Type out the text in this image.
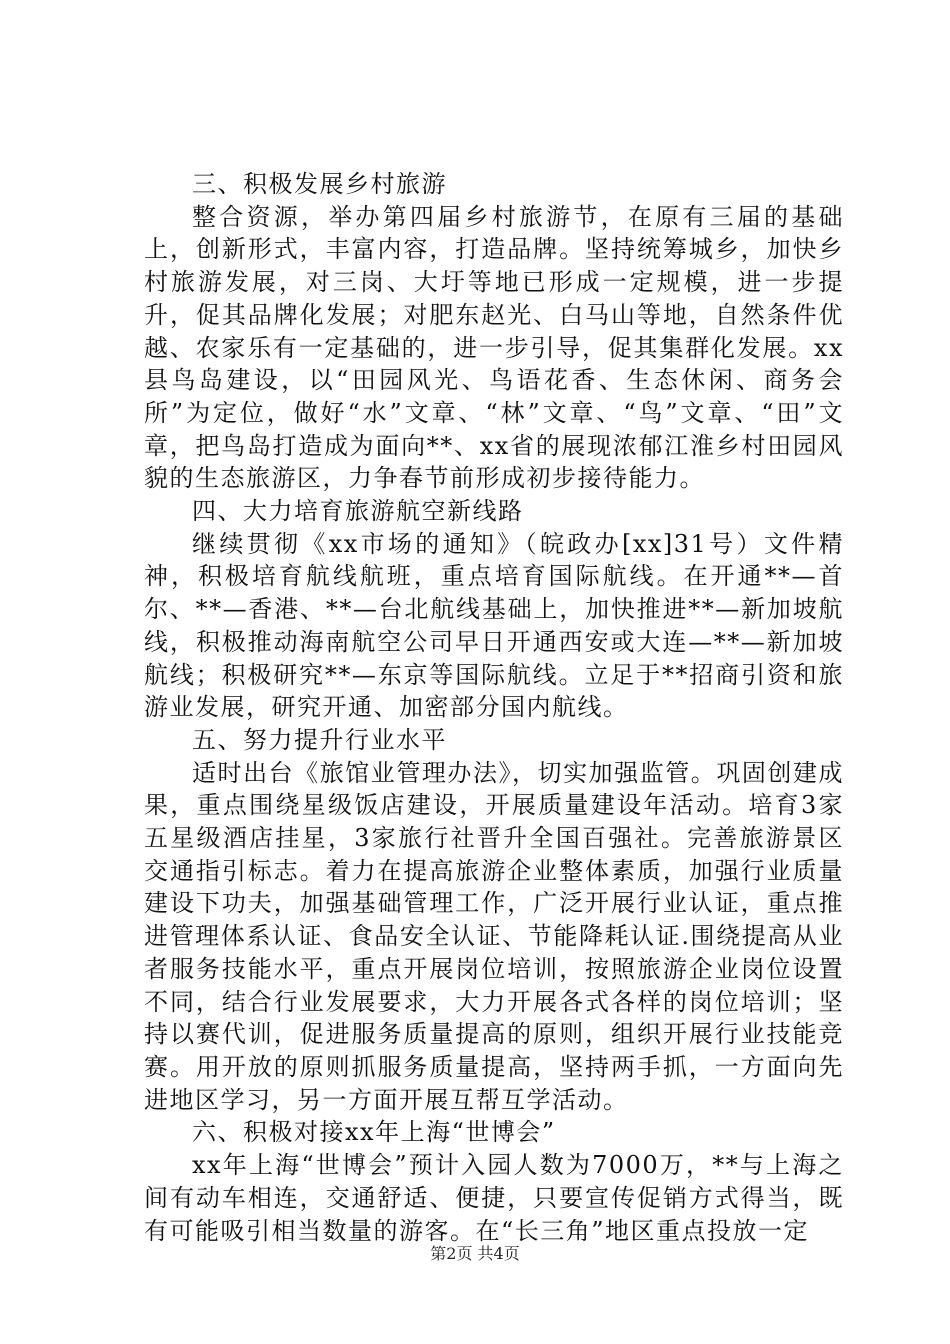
三、积极发展乡村旅游

整合资源，举办第四届乡村旅游节，在原有三届的基础上，创新形式，丰富内容，打造品牌。坚持统筹城乡，加快乡村旅游发展，对三岗、大圩等地已形成一定规模，进一步提升，促其品牌化发展；对肥东赵光、白马山等地，自然条件优越、农家乐有一定基础的，进一步引导，促其集群化发展。xx县鸟岛建设，以“田园风光、鸟语花香、生态休闲、商务会所”为定位，做好“水”文章、“林”文章、“鸟”文章、“田”文章，把鸟岛打造成为面向**、xx省的展现浓郁江淮乡村田园风貌的生态旅游区，力争春节前形成初步接待能力。

四、大力培育旅游航空新线路

继续贯彻《xx市场的通知》（皖政办[xx]31号）文件精神，积极培育航线航班，重点培育国际航线。在开通**—首尔、**—香港、**—台北航线基础上，加快推进**—新加坡航线，积极推动海南航空公司早日开通西安或大连—**—新加坡航线；积极研究**—东京等国际航线。立足于**招商引资和旅游业发展，研究开通、加密部分国内航线。

五、努力提升行业水平

适时出台《旅馆业管理办法》，切实加强监管。巩固创建成果，重点围绕星级饭店建设，开展质量建设年活动。培育3家五星级酒店挂星，3家旅行社晋升全国百强社。完善旅游景区交通指引标志。着力在提高旅游企业整体素质，加强行业质量建设下功夫，加强基础管理工作，广泛开展行业认证，重点推进管理体系认证、食品安全认证、节能降耗认证.围绕提高从业者服务技能水平，重点开展岗位培训，按照旅游企业岗位设置不同，结合行业发展要求，大力开展各式各样的岗位培训；坚持以赛代训，促进服务质量提高的原则，组织开展行业技能竞赛。用开放的原则抓服务质量提高，坚持两手抓，一方面向先进地区学习，另一方面开展互帮互学活动。

六、积极对接xx年上海“世博会”

xx年上海“世博会”预计入园人数为7000万，**与上海之间有动车相连，交通舒适、便捷，只要宣传促销方式得当，既有可能吸引相当数量的游客。在“长三角”地区重点投放一定

第2页 共4页
